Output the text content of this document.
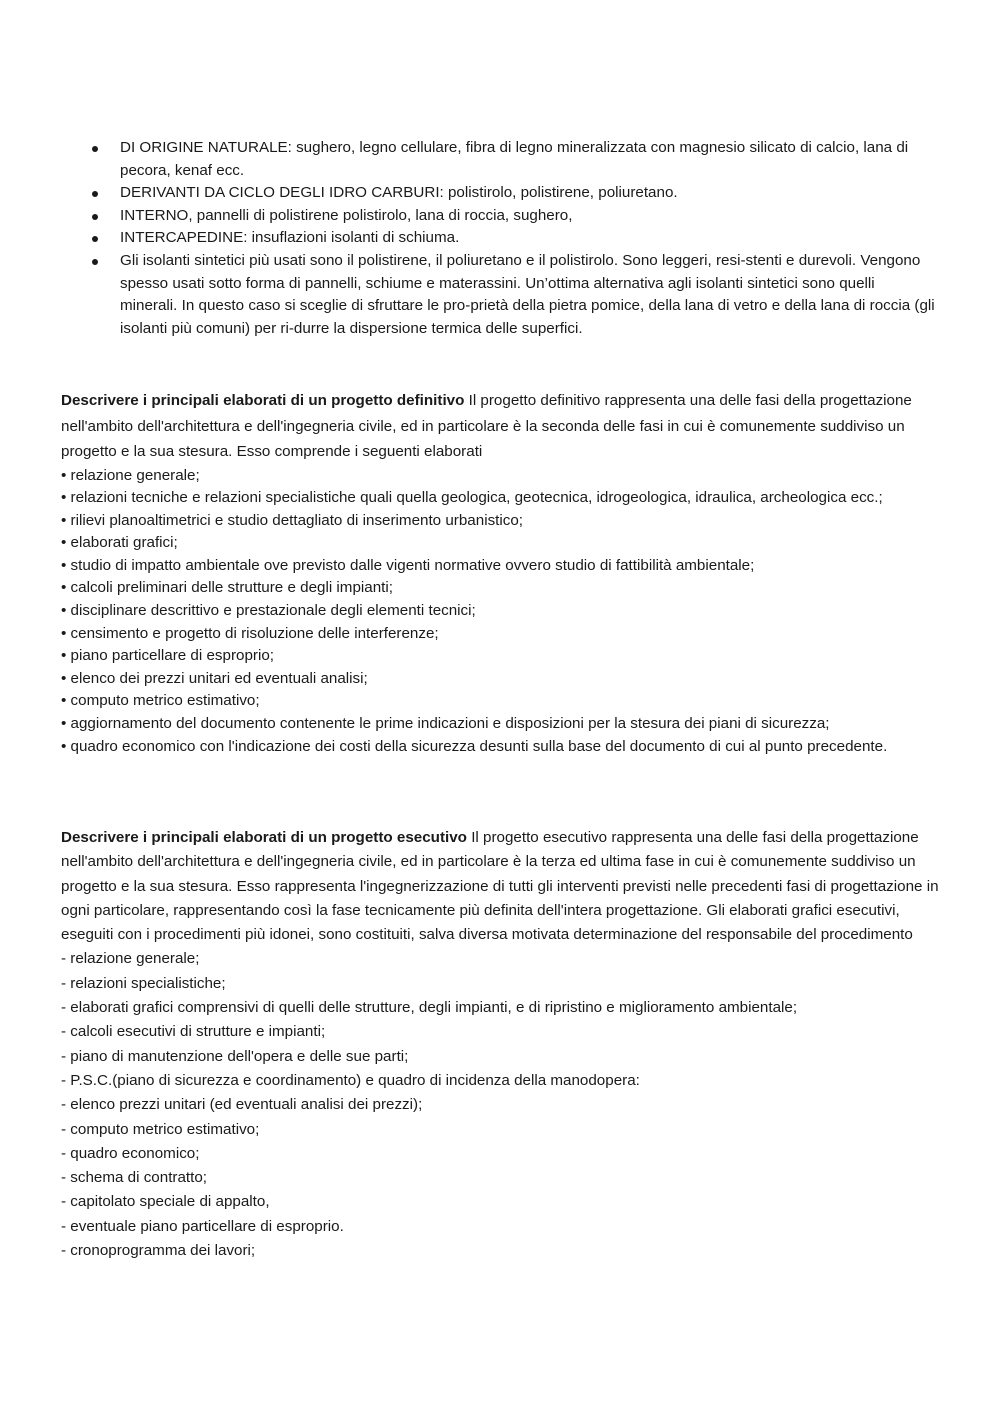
DI ORIGINE NATURALE: sughero, legno cellulare, fibra di legno mineralizzata con magnesio silicato di calcio, lana di pecora, kenaf ecc.
DERIVANTI DA CICLO DEGLI IDRO CARBURI: polistirolo, polistirene, poliuretano.
INTERNO, pannelli di polistirene polistirolo, lana di roccia, sughero,
INTERCAPEDINE: insuflazioni isolanti di schiuma.
Gli isolanti sintetici più usati sono il polistirene, il poliuretano e il polistirolo. Sono leggeri, resi-stenti e durevoli. Vengono spesso usati sotto forma di pannelli, schiume e materassini. Un’ottima alternativa agli isolanti sintetici sono quelli minerali. In questo caso si sceglie di sfruttare le pro-prietà della pietra pomice, della lana di vetro e della lana di roccia (gli isolanti più comuni) per ri-durre la dispersione termica delle superfici.

Descrivere i principali elaborati di un progetto definitivo Il progetto definitivo rappresenta una delle fasi della progettazione nell'ambito dell'architettura e dell'ingegneria civile, ed in particolare è la seconda delle fasi in cui è comunemente suddiviso un progetto e la sua stesura. Esso comprende i seguenti elaborati

• relazione generale;
• relazioni tecniche e relazioni specialistiche quali quella geologica, geotecnica, idrogeologica, idraulica, archeologica ecc.;
• rilievi planoaltimetrici e studio dettagliato di inserimento urbanistico;
• elaborati grafici;
• studio di impatto ambientale ove previsto dalle vigenti normative ovvero studio di fattibilità ambientale;
• calcoli preliminari delle strutture e degli impianti;
• disciplinare descrittivo e prestazionale degli elementi tecnici;
• censimento e progetto di risoluzione delle interferenze;
• piano particellare di esproprio;
• elenco dei prezzi unitari ed eventuali analisi;
• computo metrico estimativo;
• aggiornamento del documento contenente le prime indicazioni e disposizioni per la stesura dei piani di sicurezza;
• quadro economico con l'indicazione dei costi della sicurezza desunti sulla base del documento di cui al punto precedente.

Descrivere i principali elaborati di un progetto esecutivo Il progetto esecutivo rappresenta una delle fasi della progettazione nell'ambito dell'architettura e dell'ingegneria civile, ed in particolare è la terza ed ultima fase in cui è comunemente suddiviso un progetto e la sua stesura. Esso rappresenta l'ingegnerizzazione di tutti gli interventi previsti nelle precedenti fasi di progettazione in ogni particolare, rappresentando così la fase tecnicamente più definita dell'intera progettazione. Gli elaborati grafici esecutivi, eseguiti con i procedimenti più idonei, sono costituiti, salva diversa motivata determinazione del responsabile del procedimento

- relazione generale;
- relazioni specialistiche;
- elaborati grafici comprensivi di quelli delle strutture, degli impianti, e di ripristino e miglioramento ambientale;
- calcoli esecutivi di strutture e impianti;
- piano di manutenzione dell'opera e delle sue parti;
- P.S.C.(piano di sicurezza e coordinamento) e quadro di incidenza della manodopera:
- elenco prezzi unitari (ed eventuali analisi dei prezzi);
- computo metrico estimativo;
- quadro economico;
- schema di contratto;
- capitolato speciale di appalto,
- eventuale piano particellare di esproprio.
- cronoprogramma dei lavori;
